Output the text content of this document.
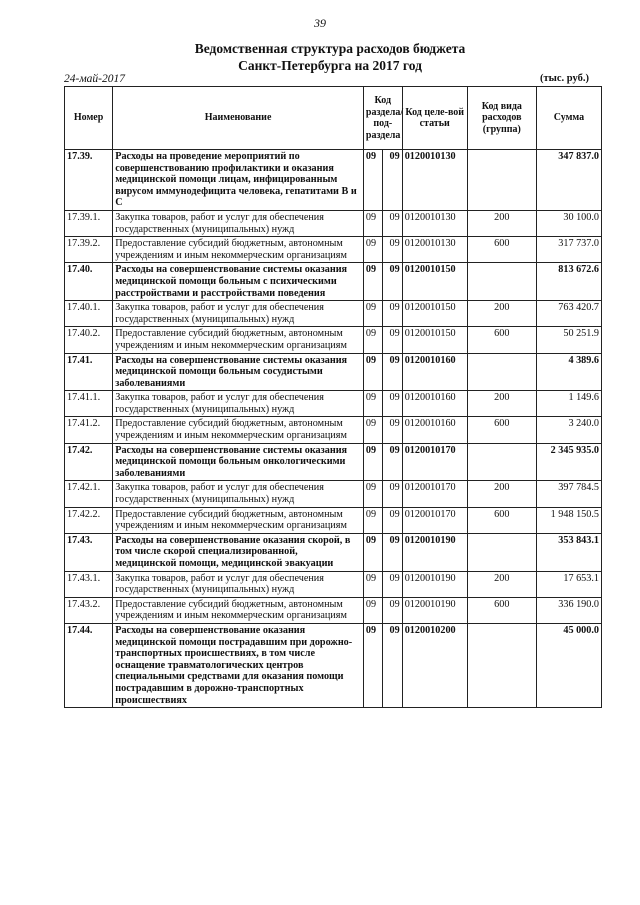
39
Ведомственная структура расходов бюджета
Санкт-Петербурга на 2017 год
24-май-2017	(тыс. руб.)
Номер	Наименование	Код раздела/ под-раздела		Код целе-вой статьи	Код вида расходов (группа)	Сумма
17.39.	Расходы на проведение мероприятий по совершенствованию профилактики и оказания медицинской помощи лицам, инфицированным вирусом иммунодефицита человека, гепатитами В и С	09	09	0120010130		347 837.0
17.39.1.	Закупка товаров, работ и услуг для обеспечения государственных (муниципальных) нужд	09	09	0120010130	200	30 100.0
17.39.2.	Предоставление субсидий бюджетным, автономным учреждениям и иным некоммерческим организациям	09	09	0120010130	600	317 737.0
17.40.	Расходы на совершенствование системы оказания медицинской помощи больным с психическими расстройствами и расстройствами поведения	09	09	0120010150		813 672.6
17.40.1.	Закупка товаров, работ и услуг для обеспечения государственных (муниципальных) нужд	09	09	0120010150	200	763 420.7
17.40.2.	Предоставление субсидий бюджетным, автономным учреждениям и иным некоммерческим организациям	09	09	0120010150	600	50 251.9
17.41.	Расходы на совершенствование системы оказания медицинской помощи больным сосудистыми заболеваниями	09	09	0120010160		4 389.6
17.41.1.	Закупка товаров, работ и услуг для обеспечения государственных (муниципальных) нужд	09	09	0120010160	200	1 149.6
17.41.2.	Предоставление субсидий бюджетным, автономным учреждениям и иным некоммерческим организациям	09	09	0120010160	600	3 240.0
17.42.	Расходы на совершенствование системы оказания медицинской помощи больным онкологическими заболеваниями	09	09	0120010170		2 345 935.0
17.42.1.	Закупка товаров, работ и услуг для обеспечения государственных (муниципальных) нужд	09	09	0120010170	200	397 784.5
17.42.2.	Предоставление субсидий бюджетным, автономным учреждениям и иным некоммерческим организациям	09	09	0120010170	600	1 948 150.5
17.43.	Расходы на совершенствование оказания скорой, в том числе скорой специализированной, медицинской помощи, медицинской эвакуации	09	09	0120010190		353 843.1
17.43.1.	Закупка товаров, работ и услуг для обеспечения государственных (муниципальных) нужд	09	09	0120010190	200	17 653.1
17.43.2.	Предоставление субсидий бюджетным, автономным учреждениям и иным некоммерческим организациям	09	09	0120010190	600	336 190.0
17.44.	Расходы на совершенствование оказания медицинской помощи пострадавшим при дорожно-транспортных происшествиях, в том числе оснащение травматологических центров специальными средствами для оказания помощи пострадавшим в дорожно-транспортных происшествиях	09	09	0120010200		45 000.0
